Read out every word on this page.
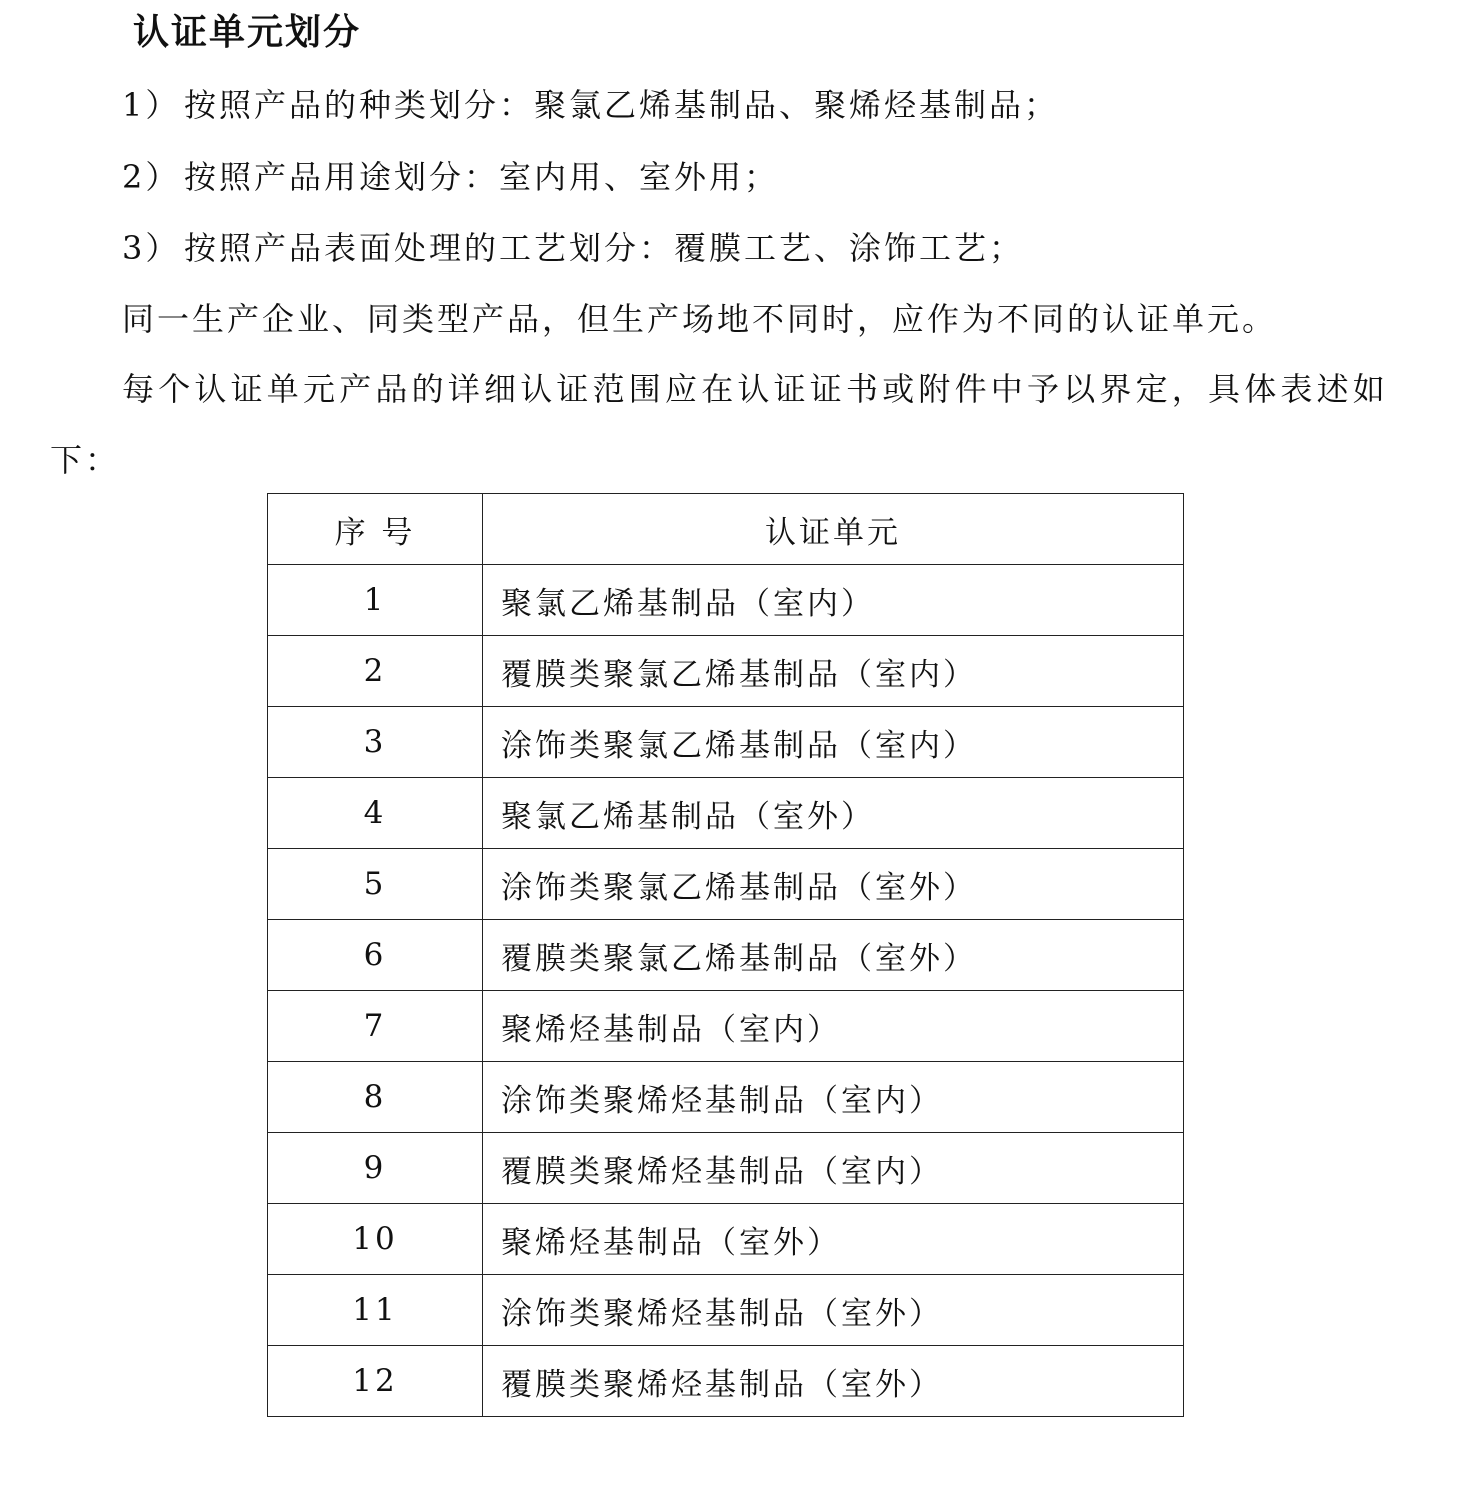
认证单元划分

1） 按照产品的种类划分：聚氯乙烯基制品、聚烯烃基制品；

2） 按照产品用途划分：室内用、室外用；

3） 按照产品表面处理的工艺划分：覆膜工艺、涂饰工艺；

同一生产企业、同类型产品，但生产场地不同时，应作为不同的认证单元。

每个认证单元产品的详细认证范围应在认证证书或附件中予以界定，具体表述如

下：

序 号	认证单元
1	聚氯乙烯基制品（室内）
2	覆膜类聚氯乙烯基制品（室内）
3	涂饰类聚氯乙烯基制品（室内）
4	聚氯乙烯基制品（室外）
5	涂饰类聚氯乙烯基制品（室外）
6	覆膜类聚氯乙烯基制品（室外）
7	聚烯烃基制品（室内）
8	涂饰类聚烯烃基制品（室内）
9	覆膜类聚烯烃基制品（室内）
10	聚烯烃基制品（室外）
11	涂饰类聚烯烃基制品（室外）
12	覆膜类聚烯烃基制品（室外）
